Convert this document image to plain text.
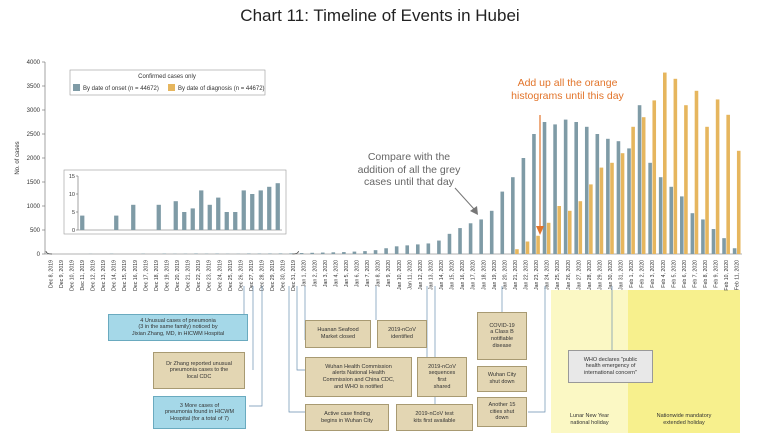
Chart 11: Timeline of Events in Hubei
0
500
1000
1500
2000
2500
3000
3500
4000
No. of cases
Dec 8, 2019 Dec 9, 2019 Dec 10, 2019 Dec 11, 2019 Dec 12, 2019 Dec 13, 2019 Dec 14, 2019 Dec 15, 2019 Dec 16, 2019 Dec 17, 2019 Dec 18, 2019 Dec 19, 2019 Dec 20, 2019 Dec 21, 2019 Dec 22, 2019 Dec 23, 2019 Dec 24, 2019 Dec 25, 2019 Dec 26, 2019 Dec 27, 2019 Dec 28, 2019 Dec 29, 2019 Dec 30, 2019 Dec 31, 2019 Jan 1, 2020 Jan 2, 2020 Jan 3, 2020 Jan 4, 2020 Jan 5, 2020 Jan 6, 2020 Jan 7, 2020 Jan 8, 2020 Jan 9, 2020 Jan 10, 2020 Jan 11, 2020 Jan 12, 2020 Jan 13, 2020 Jan 14, 2020 Jan 15, 2020 Jan 16, 2020 Jan 17, 2020 Jan 18, 2020 Jan 19, 2020 Jan 20, 2020 Jan 21, 2020 Jan 22, 2020 Jan 23, 2020 Jan 24, 2020 Jan 25, 2020 Jan 26, 2020 Jan 27, 2020 Jan 28, 2020 Jan 29, 2020 Jan 30, 2020 Jan 31, 2020 Feb 1, 2020 Feb 2, 2020 Feb 3, 2020 Feb 4, 2020 Feb 5, 2020 Feb 6, 2020 Feb 7, 2020 Feb 8, 2020 Feb 9, 2020 Feb 10, 2020 Feb 11, 2020
0
5
10
15
Confirmed cases only
By date of onset (n = 44672)	By date of diagnosis (n = 44672)	Add up all the orange
histograms until this day
Compare with the
addition of all the grey
cases until that day
4 Unusual cases of pneumonia
(3 in the same family) noticed by
Jixian Zhang, MD, in HICWM Hospital
Dr Zhang reported unusual
pneumonia cases to the
local CDC
3 More cases of
pneumonia found in HICWM
Hospital (for a total of 7)
Huanan Seafood
Market closed
2019-nCoV
identified
Wuhan Health Commission
alerts National Health
Commission and China CDC,
and WHO is notified
2019-nCoV
sequences
first
shared
Active case finding
begins in Wuhan City
2019-nCoV test
kits first available
COVID-19
a Class B
notifiable
disease
Wuhan City
shut down
Another 15
cities shut
down
WHO declares "public
health emergency of
international concern"
Lunar New Year
national holiday
Nationwide mandatory
extended holiday
